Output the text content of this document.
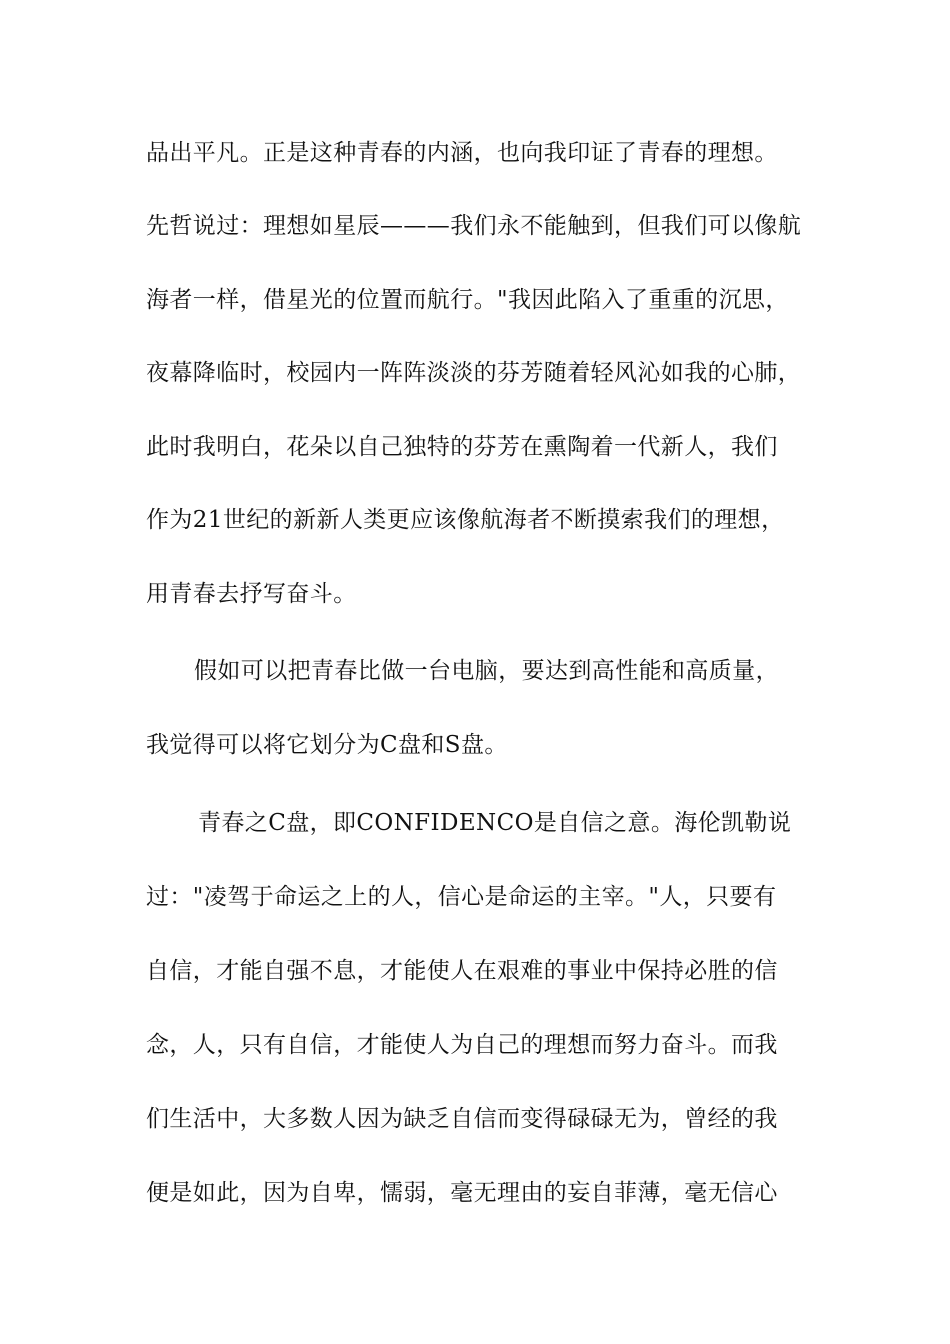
品出平凡。正是这种青春的内涵，也向我印证了青春的理想。
先哲说过：理想如星辰———我们永不能触到，但我们可以像航
海者一样，借星光的位置而航行。"我因此陷入了重重的沉思，
夜幕降临时，校园内一阵阵淡淡的芬芳随着轻风沁如我的心肺，
此时我明白，花朵以自己独特的芬芳在熏陶着一代新人，我们
作为21世纪的新新人类更应该像航海者不断摸索我们的理想，
用青春去抒写奋斗。
假如可以把青春比做一台电脑，要达到高性能和高质量，
我觉得可以将它划分为C盘和S盘。
青春之C盘，即CONFIDENCO是自信之意。海伦凯勒说
过："凌驾于命运之上的人，信心是命运的主宰。"人，只要有
自信，才能自强不息，才能使人在艰难的事业中保持必胜的信
念，人，只有自信，才能使人为自己的理想而努力奋斗。而我
们生活中，大多数人因为缺乏自信而变得碌碌无为，曾经的我
便是如此，因为自卑，懦弱，毫无理由的妄自菲薄，毫无信心
